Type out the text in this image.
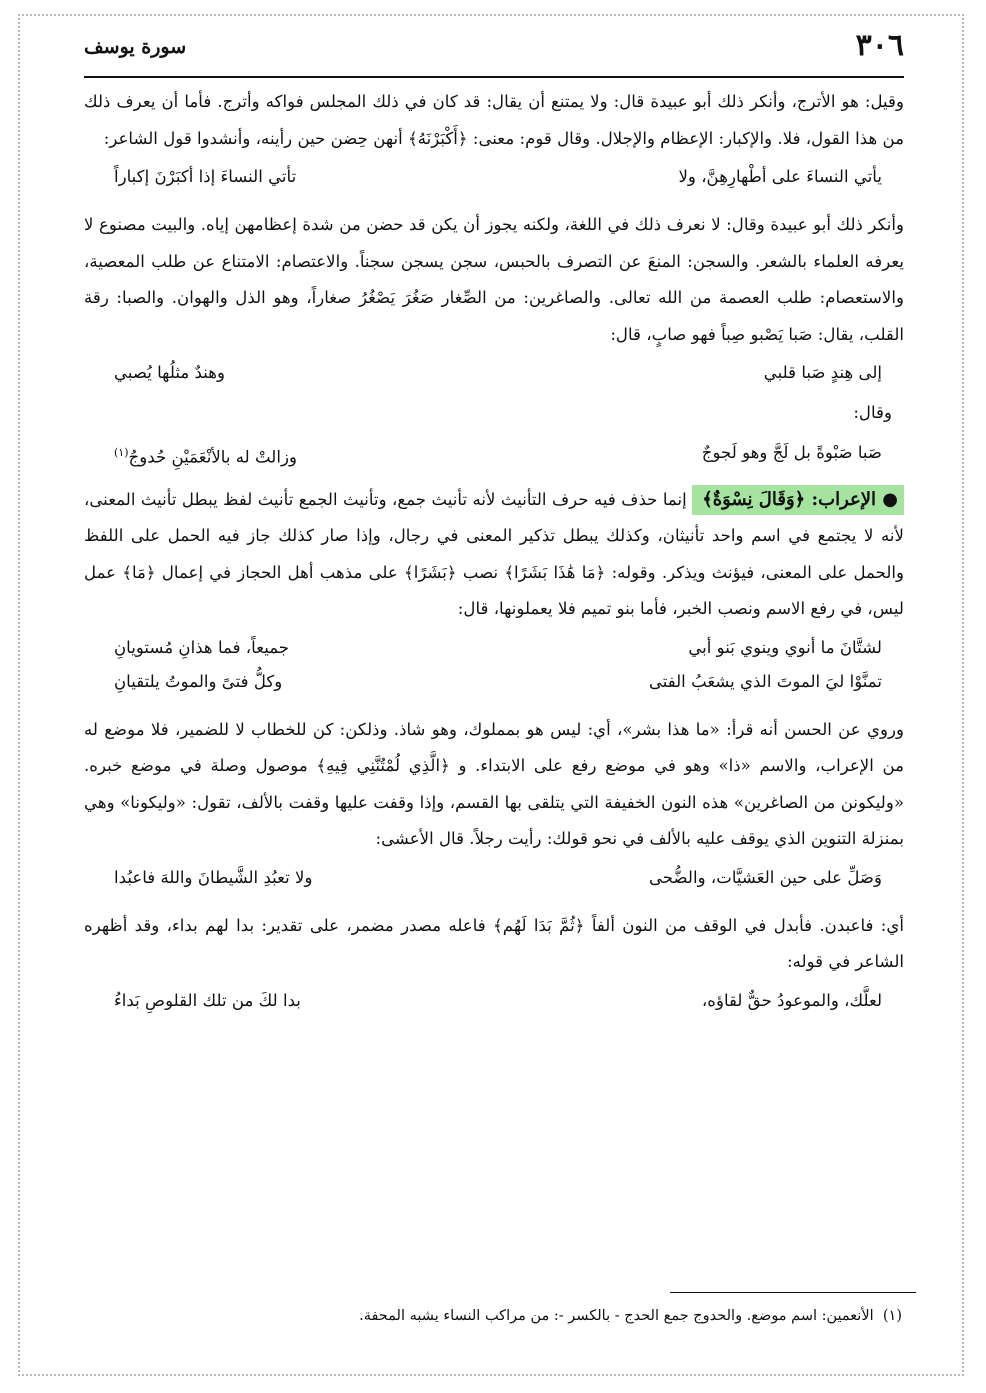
٣٠٦
سورة يوسف

وقيل: هو الأترج، وأنكر ذلك أبو عبيدة قال: ولا يمتنع أن يقال: قد كان في ذلك المجلس فواكه وأترج. فأما أن يعرف ذلك من هذا القول، فلا. والإكبار: الإعظام والإجلال. وقال قوم: معنى: ﴿أَكْبَرْنَهُ﴾ أنهن حِضن حين رأينه، وأنشدوا قول الشاعر:

يأتي النساءَ على أطْهارِهِنَّ، ولا
تأتي النساءَ إذا أكبَرْنَ إكباراً

وأنكر ذلك أبو عبيدة وقال: لا نعرف ذلك في اللغة، ولكنه يجوز أن يكن قد حضن من شدة إعظامهن إياه. والبيت مصنوع لا يعرفه العلماء بالشعر. والسجن: المنعَ عن التصرف بالحبس، سجن يسجن سجناً. والاعتصام: الامتناع عن طلب المعصية، والاستعصام: طلب العصمة من الله تعالى. والصاغرين: من الصِّغار صَغُرَ يَصْغُرُ صغاراً، وهو الذل والهوان. والصبا: رقة القلب، يقال: صَبا يَصْبو صِباً فهو صابٍ، قال:

إلى هِندٍ صَبا قلبي
وهندٌ مثلُها يُصبي
وقال:
صَبا صَبْوةً بل لَجَّ وهو لَجوجٌ
وزالتْ له بالأنْعَمَيْنِ حُدوجُ$^{(١)}$

● الإعراب: ﴿وَقَالَ نِسْوَةٌ﴾ إنما حذف فيه حرف التأنيث لأنه تأنيث جمع، وتأنيث الجمع تأنيث لفظ يبطل تأنيث المعنى، لأنه لا يجتمع في اسم واحد تأنيثان، وكذلك يبطل تذكير المعنى في رجال، وإذا صار كذلك جاز فيه الحمل على اللفظ والحمل على المعنى، فيؤنث ويذكر. وقوله: ﴿مَا هَٰذَا بَشَرًا﴾ نصب ﴿بَشَرًا﴾ على مذهب أهل الحجاز في إعمال ﴿مَا﴾ عمل ليس، في رفع الاسم ونصب الخبر، فأما بنو تميم فلا يعملونها، قال:

لشتَّانَ ما أنوي وينوي بَنو أبي
جميعاً، فما هذانِ مُستويانِ
تمنَّوْا ليَ الموتَ الذي يشعَبُ الفتى
وكلُّ فتىً والموتُ يلتقيانِ

وروي عن الحسن أنه قرأ: «ما هذا بشر»، أي: ليس هو بمملوك، وهو شاذ. وذلكن: كن للخطاب لا للضمير، فلا موضع له من الإعراب، والاسم «ذا» وهو في موضع رفع على الابتداء. و ﴿الَّذِي لُمْتُنَّنِي فِيهِ﴾ موصول وصلة في موضع خبره. «وليكونن من الصاغرين» هذه النون الخفيفة التي يتلقى بها القسم، وإذا وقفت عليها وقفت بالألف، تقول: «وليكونا» وهي بمنزلة التنوين الذي يوقف عليه بالألف في نحو قولك: رأيت رجلاً. قال الأعشى:

وَصَلِّ على حين العَشيَّات، والضُّحى
ولا تعبُدِ الشَّيطانَ واللهَ فاعبُدا

أي: فاعبدن. فأبدل في الوقف من النون ألفاً ﴿ثُمَّ بَدَا لَهُم﴾ فاعله مصدر مضمر، على تقدير: بدا لهم بداء، وقد أظهره الشاعر في قوله:

لعلَّك، والموعودُ حقٌّ لقاؤه،
بدا لكَ من تلك القلوصِ بَداءُ
(١)  الأنعمين: اسم موضع. والحدوج جمع الحدج - بالكسر -: من مراكب النساء يشبه المحفة.
